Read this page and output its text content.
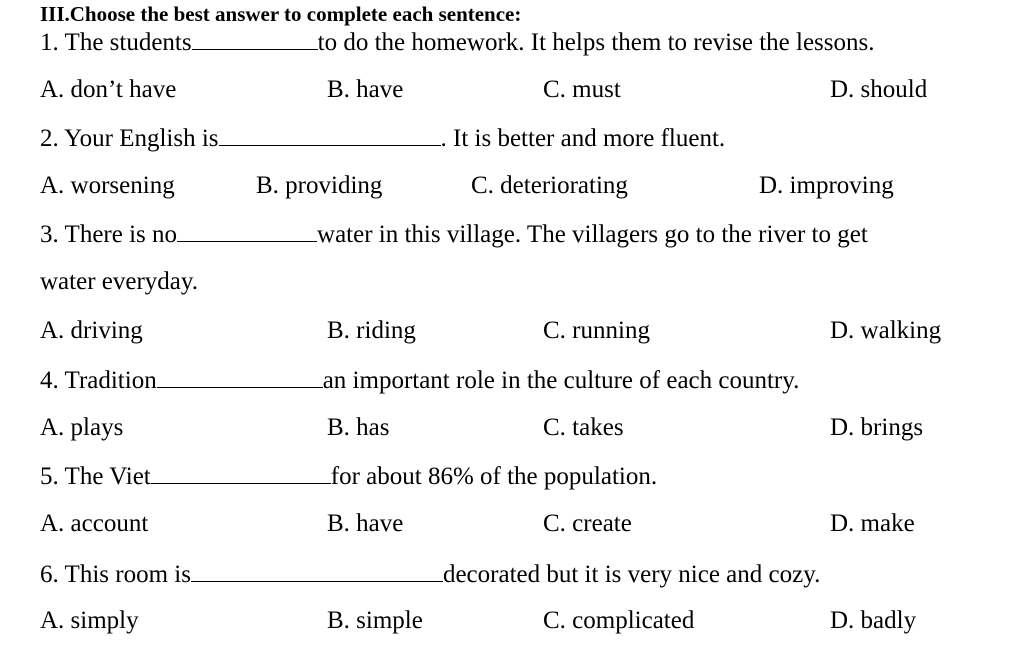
III.Choose the best answer to complete each sentence:
1. The students	to do the homework. It helps them to revise the lessons.
A. don’t have	B. have	C. must	D. should
2. Your English is	. It is better and more fluent.
A. worsening	B. providing	C. deteriorating	D. improving
3. There is no	water in this village. The villagers go to the river to get
water everyday.
A. driving	B. riding	C. running	D. walking
4. Tradition	an important role in the culture of each country.
A. plays	B. has	C. takes	D. brings
5. The Viet	for about 86% of the population.
A. account	B. have	C. create	D. make
6. This room is	decorated but it is very nice and cozy.
A. simply	B. simple	C. complicated	D. badly
